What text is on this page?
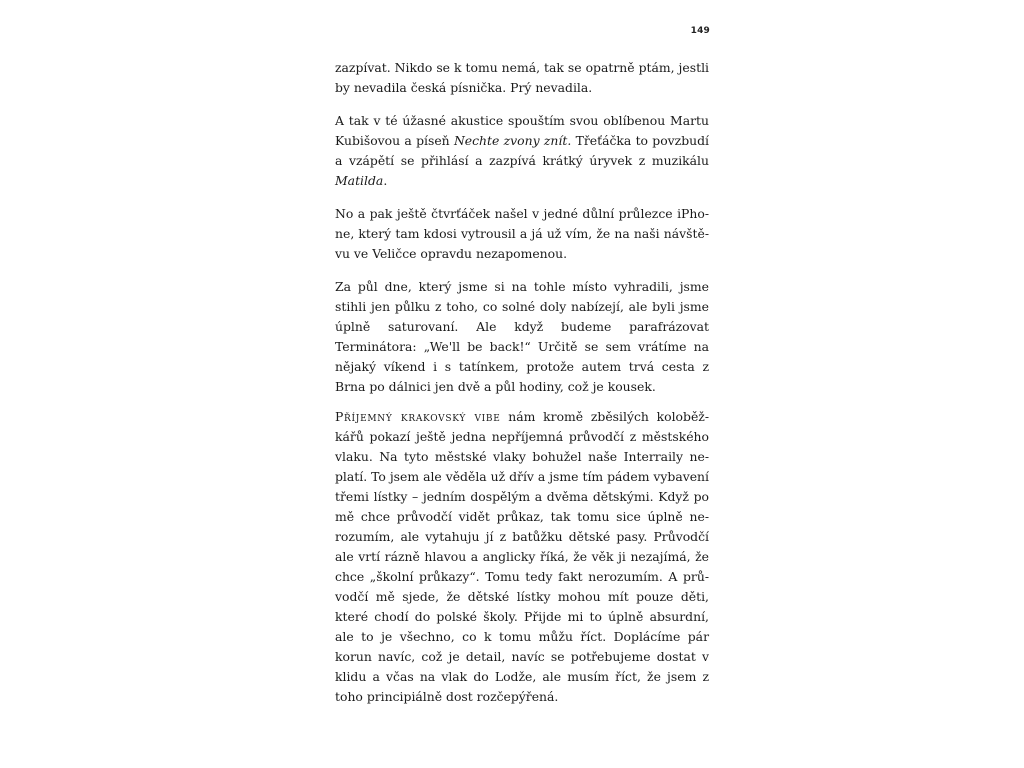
149

zazpívat. Nikdo se k tomu nemá, tak se opatrně ptám, jestli by nevadila česká písnička. Prý nevadila.

A tak v té úžasné akustice spouštím svou oblíbenou Martu Kubišovou a píseň Nechte zvony znít. Třeťáčka to povzbudí a vzápětí se přihlásí a zazpívá krátký úryvek z muzikálu Matilda.

No a pak ještě čtvrťáček našel v jedné důlní průlezce iPhone, který tam kdosi vytrousil a já už vím, že na naši návštěvu ve Veličce opravdu nezapomenou.

Za půl dne, který jsme si na tohle místo vyhradili, jsme stihli jen půlku z toho, co solné doly nabízejí, ale byli jsme úplně saturovaní. Ale když budeme parafrázovat Terminátora: „We'll be back!“ Určitě se sem vrátíme na nějaký víkend i s tatínkem, protože autem trvá cesta z Brna po dálnici jen dvě a půl hodiny, což je kousek.

Příjemný krakovský vibe nám kromě zběsilých koloběžkářů pokazí ještě jedna nepříjemná průvodčí z městského vlaku. Na tyto městské vlaky bohužel naše Interraily neplatí. To jsem ale věděla už dřív a jsme tím pádem vybavení třemi lístky – jedním dospělým a dvěma dětskými. Když po mě chce průvodčí vidět průkaz, tak tomu sice úplně nerozumím, ale vytahuju jí z batůžku dětské pasy. Průvodčí ale vrtí rázně hlavou a anglicky říká, že věk ji nezajímá, že chce „školní průkazy“. Tomu tedy fakt nerozumím. A průvodčí mě sjede, že dětské lístky mohou mít pouze děti, které chodí do polské školy. Přijde mi to úplně absurdní, ale to je všechno, co k tomu můžu říct. Doplácíme pár korun navíc, což je detail, navíc se potřebujeme dostat v klidu a včas na vlak do Lodže, ale musím říct, že jsem z toho principiálně dost rozčepýřená.
